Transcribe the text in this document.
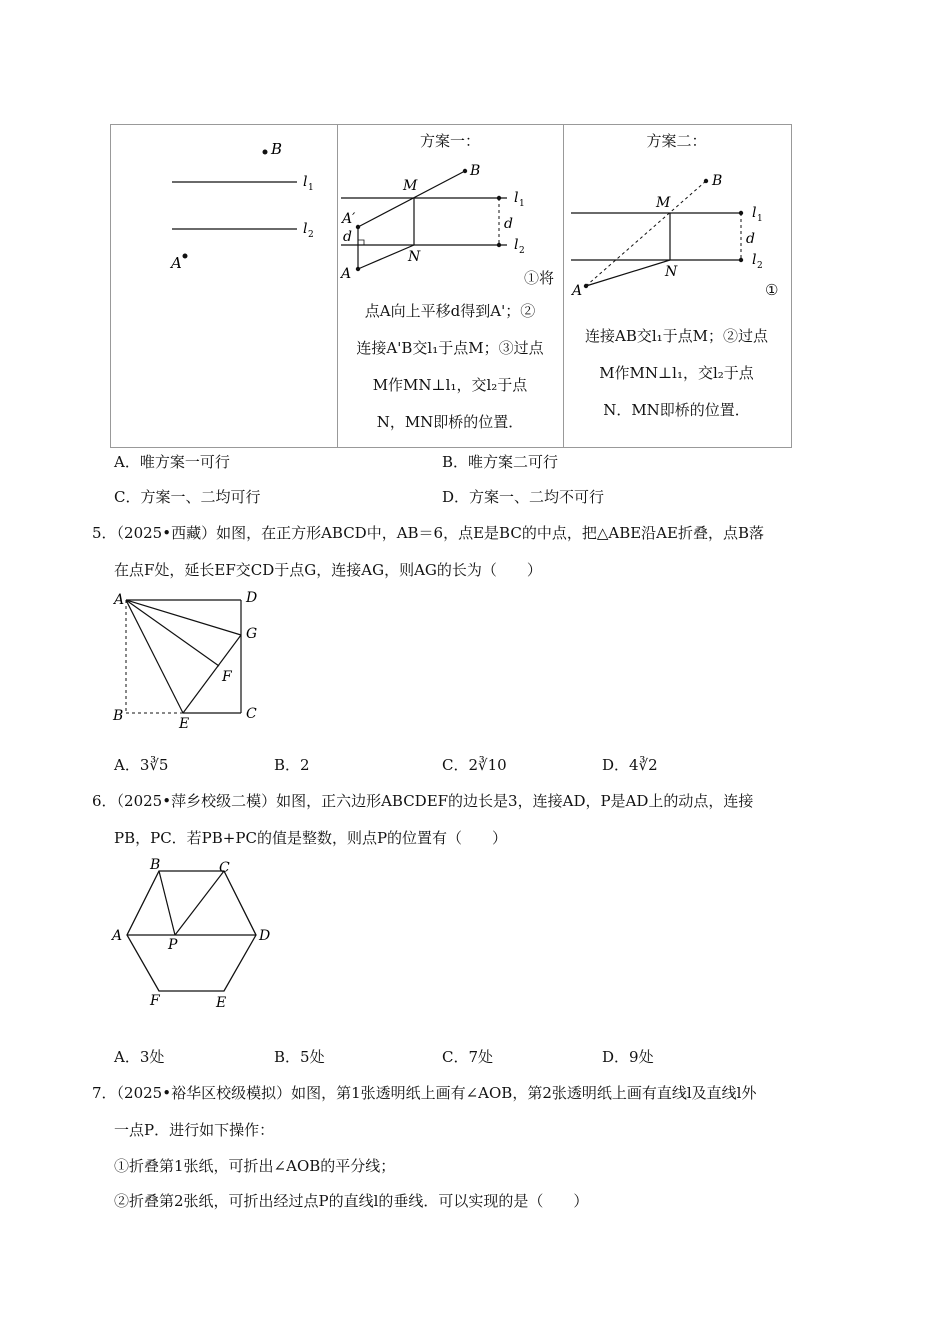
B
l 1
l 2
A
方案一：
l 1
l 2
d
B
M
N
A′
d
A	①将
点A向上平移d得到A'；②
连接A'B交l₁于点M；③过点
M作MN⊥l₁，交l₂于点
N，MN即桥的位置．
方案二：
l 1
l 2
d
B
M
N
A	①
连接AB交l₁于点M；②过点
M作MN⊥l₁，交l₂于点
N．MN即桥的位置．
A．唯方案一可行	B．唯方案二可行
C．方案一、二均可行	D．方案一、二均不可行
5．（2025•西藏）如图，在正方形ABCD中，AB＝6，点E是BC的中点，把△ABE沿AE折叠，点B落
在点F处，延长EF交CD于点G，连接AG，则AG的长为（　　）
A	D
G
F
B	E
C
A．3∛5	B．2	C．2∛10	D．4∛2
6．（2025•萍乡校级二模）如图，正六边形ABCDEF的边长是3，连接AD，P是AD上的动点，连接
PB，PC．若PB+PC的值是整数，则点P的位置有（　　）
B	C
A
P
D
F	E
A．3处	B．5处	C．7处	D．9处
7．（2025•裕华区校级模拟）如图，第1张透明纸上画有∠AOB，第2张透明纸上画有直线l及直线l外
一点P．进行如下操作：
①折叠第1张纸，可折出∠AOB的平分线；
②折叠第2张纸，可折出经过点P的直线l的垂线．可以实现的是（　　）
